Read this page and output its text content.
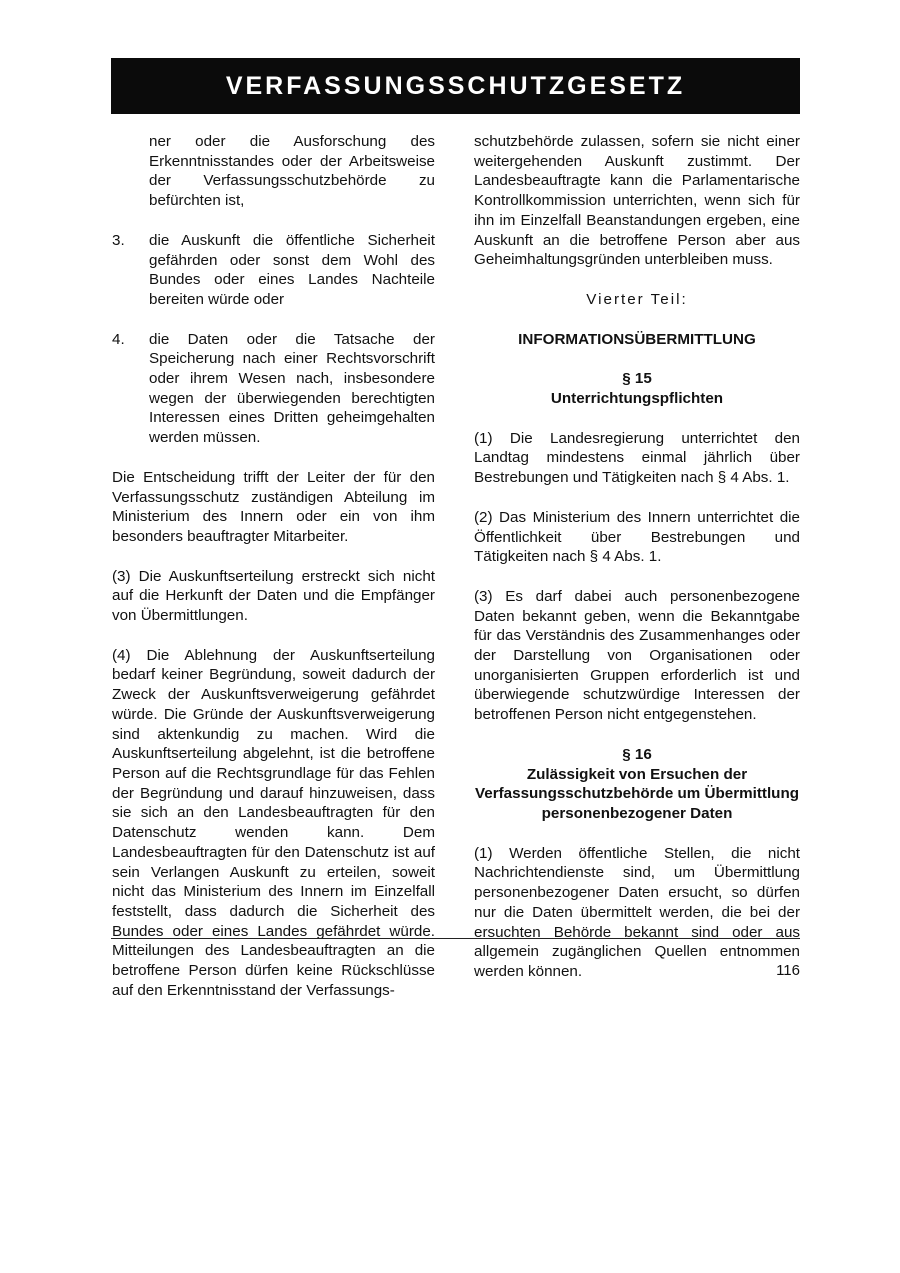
VERFASSUNGSSCHUTZGESETZ

ner oder die Ausforschung des Erkenntnisstandes oder der Arbeitsweise der Verfassungsschutzbehörde zu befürchten ist,

3.	die Auskunft die öffentliche Sicherheit gefährden oder sonst dem Wohl des Bundes oder eines Landes Nachteile bereiten würde oder
4.	die Daten oder die Tatsache der Speicherung nach einer Rechtsvorschrift oder ihrem Wesen nach, insbesondere wegen der überwiegenden berechtigten Interessen eines Dritten geheimgehalten werden müssen.

Die Entscheidung trifft der Leiter der für den Verfassungsschutz zuständigen Abteilung im Ministerium des Innern oder ein von ihm besonders beauftragter Mitarbeiter.

(3) Die Auskunftserteilung erstreckt sich nicht auf die Herkunft der Daten und die Empfänger von Übermittlungen.

(4) Die Ablehnung der Auskunftserteilung bedarf keiner Begründung, soweit dadurch der Zweck der Auskunftsverweigerung gefährdet würde. Die Gründe der Auskunftsverweigerung sind aktenkundig zu machen. Wird die Auskunftserteilung abgelehnt, ist die betroffene Person auf die Rechtsgrundlage für das Fehlen der Begründung und darauf hinzuweisen, dass sie sich an den Landesbeauftragten für den Datenschutz wenden kann. Dem Landesbeauftragten für den Datenschutz ist auf sein Verlangen Auskunft zu erteilen, soweit nicht das Ministerium des Innern im Einzelfall feststellt, dass dadurch die Sicherheit des Bundes oder eines Landes gefährdet würde. Mitteilungen des Landesbeauftragten an die betroffene Person dürfen keine Rückschlüsse auf den Erkenntnisstand der Verfassungs-

schutzbehörde zulassen, sofern sie nicht einer weitergehenden Auskunft zustimmt. Der Landesbeauftragte kann die Parlamentarische Kontrollkommission unterrichten, wenn sich für ihn im Einzelfall Beanstandungen ergeben, eine Auskunft an die betroffene Person aber aus Geheimhaltungsgründen unterbleiben muss.

Vierter Teil:
INFORMATIONSÜBERMITTLUNG
§ 15
Unterrichtungspflichten

(1) Die Landesregierung unterrichtet den Landtag mindestens einmal jährlich über Bestrebungen und Tätigkeiten nach § 4 Abs. 1.

(2) Das Ministerium des Innern unterrichtet die Öffentlichkeit über Bestrebungen und Tätigkeiten nach § 4 Abs. 1.

(3) Es darf dabei auch personenbezogene Daten bekannt geben, wenn die Bekanntgabe für das Verständnis des Zusammenhanges oder der Darstellung von Organisationen oder unorganisierten Gruppen erforderlich ist und überwiegende schutzwürdige Interessen der betroffenen Person nicht entgegenstehen.

§ 16
Zulässigkeit von Ersuchen der Verfassungsschutzbehörde um Übermittlung personenbezogener Daten

(1) Werden öffentliche Stellen, die nicht Nachrichtendienste sind, um Übermittlung personenbezogener Daten ersucht, so dürfen nur die Daten übermittelt werden, die bei der ersuchten Behörde bekannt sind oder aus allgemein zugänglichen Quellen entnommen werden können.	116
